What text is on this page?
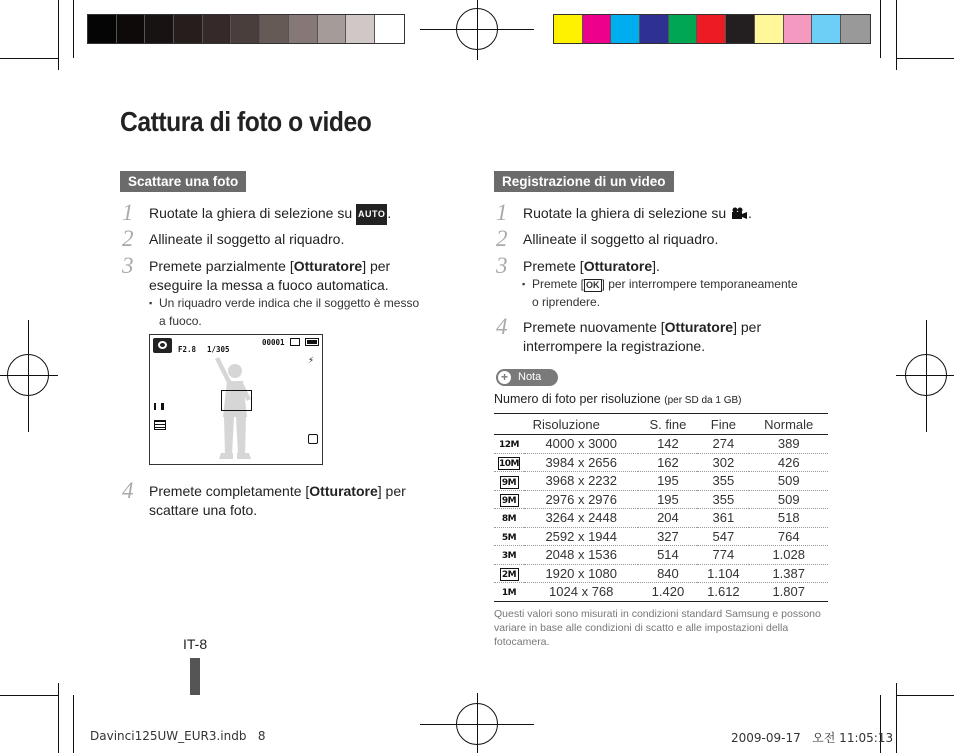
Cattura di foto o video
Scattare una foto
1 Ruotate la ghiera di selezione su AUTO .
2 Allineate il soggetto al riquadro.
3 Premete parzialmente [Otturatore] per
eseguire la messa a fuoco automatica.
▪ Un riquadro verde indica che il soggetto è messo
a fuoco.
F2.8 1/305
00001
⚡
4 Premete completamente [Otturatore] per
scattare una foto.
Registrazione di un video
1 Ruotate la ghiera di selezione su .
2 Allineate il soggetto al riquadro.
3 Premete [Otturatore].
▪ Premete [ OK ] per interrompere temporaneamente
o riprendere.
4 Premete nuovamente [Otturatore] per
interrompere la registrazione.
+ Nota
Numero di foto per risoluzione (per SD da 1 GB)
Risoluzione		S. fine	Fine	Normale
12M	4000 x 3000	142	274	389
10M	3984 x 2656	162	302	426
9M	3968 x 2232	195	355	509
9M	2976 x 2976	195	355	509
8M	3264 x 2448	204	361	518
5M	2592 x 1944	327	547	764
3M	2048 x 1536	514	774	1.028
2M	1920 x 1080	840	1.104	1.387
1M	1024 x 768	1.420	1.612	1.807

Questi valori sono misurati in condizioni standard Samsung e possono variare in base alle condizioni di scatto e alle impostazioni della fotocamera.

IT-8
Davinci125UW_EUR3.indb   8	2009-09-17   오전 11:05:13
